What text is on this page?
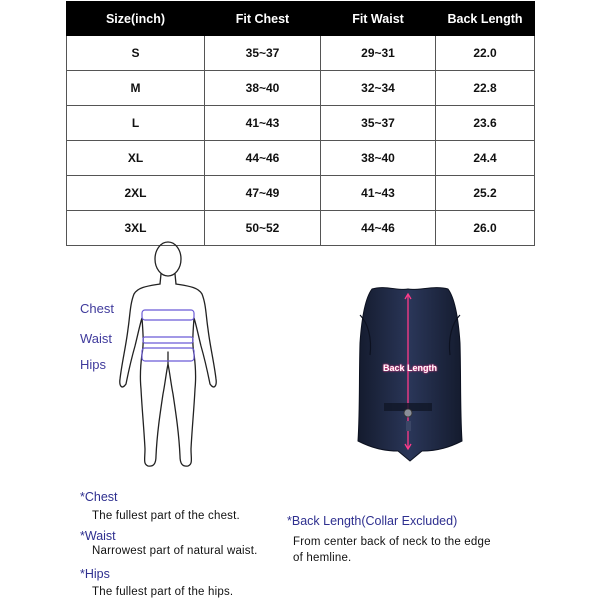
Size(inch)	Fit Chest	Fit Waist	Back Length
S	35~37	29~31	22.0
M	38~40	32~34	22.8
L	41~43	35~37	23.6
XL	44~46	38~40	24.4
2XL	47~49	41~43	25.2
3XL	50~52	44~46	26.0
Chest
Waist
Hips	Back Length
*Chest
The fullest part of the chest.
*Waist
Narrowest part of natural waist.
*Hips
The fullest part of the hips.
*Back Length(Collar Excluded)
From center back of neck to the edge
of hemline.
